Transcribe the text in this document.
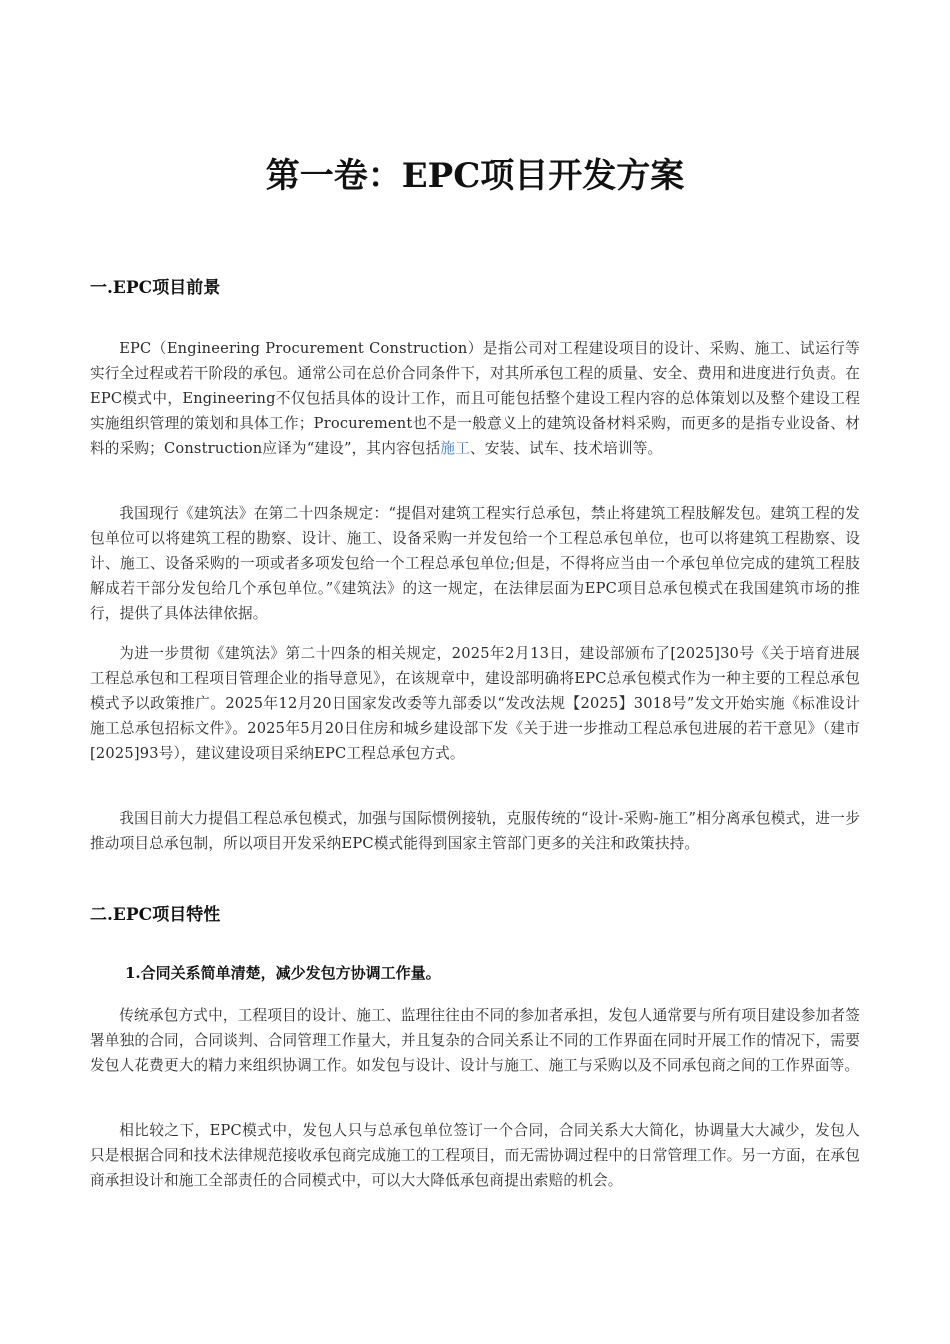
第一卷：EPC项目开发方案
一.EPC项目前景

EPC（Engineering Procurement Construction）是指公司对工程建设项目的设计、采购、施工、试运行等实行全过程或若干阶段的承包。通常公司在总价合同条件下，对其所承包工程的质量、安全、费用和进度进行负责。在EPC模式中，Engineering不仅包括具体的设计工作，而且可能包括整个建设工程内容的总体策划以及整个建设工程实施组织管理的策划和具体工作；Procurement也不是一般意义上的建筑设备材料采购，而更多的是指专业设备、材料的采购；Construction应译为“建设”，其内容包括施工、安装、试车、技术培训等。

我国现行《建筑法》在第二十四条规定：“提倡对建筑工程实行总承包，禁止将建筑工程肢解发包。建筑工程的发包单位可以将建筑工程的勘察、设计、施工、设备采购一并发包给一个工程总承包单位，也可以将建筑工程勘察、设计、施工、设备采购的一项或者多项发包给一个工程总承包单位;但是，不得将应当由一个承包单位完成的建筑工程肢解成若干部分发包给几个承包单位。”《建筑法》的这一规定，在法律层面为EPC项目总承包模式在我国建筑市场的推行，提供了具体法律依据。

为进一步贯彻《建筑法》第二十四条的相关规定，2025年2月13日，建设部颁布了[2025]30号《关于培育进展工程总承包和工程项目管理企业的指导意见》，在该规章中，建设部明确将EPC总承包模式作为一种主要的工程总承包模式予以政策推广。2025年12月20日国家发改委等九部委以“发改法规【2025】3018号”发文开始实施《标准设计施工总承包招标文件》。2025年5月20日住房和城乡建设部下发《关于进一步推动工程总承包进展的若干意见》（建市[2025]93号），建议建设项目采纳EPC工程总承包方式。

我国目前大力提倡工程总承包模式，加强与国际惯例接轨，克服传统的“设计-采购-施工”相分离承包模式，进一步推动项目总承包制，所以项目开发采纳EPC模式能得到国家主管部门更多的关注和政策扶持。

二.EPC项目特性
1.合同关系简单清楚，减少发包方协调工作量。

传统承包方式中，工程项目的设计、施工、监理往往由不同的参加者承担，发包人通常要与所有项目建设参加者签署单独的合同，合同谈判、合同管理工作量大，并且复杂的合同关系让不同的工作界面在同时开展工作的情况下，需要发包人花费更大的精力来组织协调工作。如发包与设计、设计与施工、施工与采购以及不同承包商之间的工作界面等。

相比较之下，EPC模式中，发包人只与总承包单位签订一个合同，合同关系大大简化，协调量大大减少，发包人只是根据合同和技术法律规范接收承包商完成施工的工程项目，而无需协调过程中的日常管理工作。另一方面，在承包商承担设计和施工全部责任的合同模式中，可以大大降低承包商提出索赔的机会。
